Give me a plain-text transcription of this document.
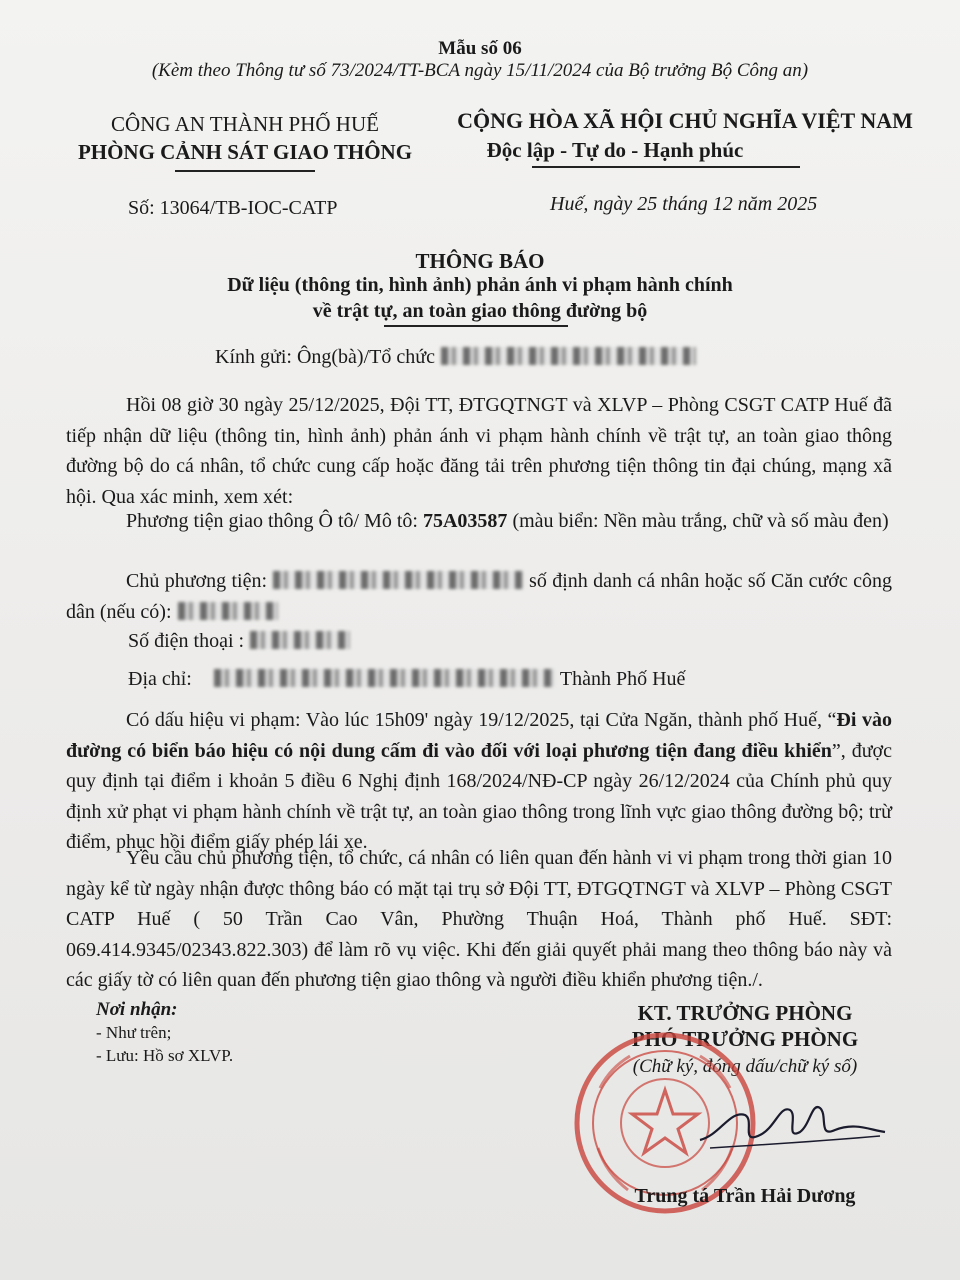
Mẫu số 06
(Kèm theo Thông tư số 73/2024/TT-BCA ngày 15/11/2024 của Bộ trưởng Bộ Công an)
CÔNG AN THÀNH PHỐ HUẾ
PHÒNG CẢNH SÁT GIAO THÔNG
Số: 13064/TB-IOC-CATP
CỘNG HÒA XÃ HỘI CHỦ NGHĨA VIỆT NAM
Độc lập - Tự do - Hạnh phúc
Huế, ngày 25 tháng 12 năm 2025
THÔNG BÁO
Dữ liệu (thông tin, hình ảnh) phản ánh vi phạm hành chính
về trật tự, an toàn giao thông đường bộ
Kính gửi: Ông(bà)/Tổ chức
Hồi 08 giờ 30 ngày 25/12/2025, Đội TT, ĐTGQTNGT và XLVP – Phòng CSGT CATP Huế đã tiếp nhận dữ liệu (thông tin, hình ảnh) phản ánh vi phạm hành chính về trật tự, an toàn giao thông đường bộ do cá nhân, tổ chức cung cấp hoặc đăng tải trên phương tiện thông tin đại chúng, mạng xã hội. Qua xác minh, xem xét:
Phương tiện giao thông Ô tô/ Mô tô: 75A03587 (màu biển: Nền màu trắng, chữ và số màu đen)
Chủ phương tiện:	số định danh cá nhân hoặc số Căn cước công dân (nếu có):
Số điện thoại :
Địa chỉ:	Thành Phố Huế
Có dấu hiệu vi phạm: Vào lúc 15h09' ngày 19/12/2025, tại Cửa Ngăn, thành phố Huế, “Đi vào đường có biển báo hiệu có nội dung cấm đi vào đối với loại phương tiện đang điều khiển”, được quy định tại điểm i khoản 5 điều 6 Nghị định 168/2024/NĐ-CP ngày 26/12/2024 của Chính phủ quy định xử phạt vi phạm hành chính về trật tự, an toàn giao thông trong lĩnh vực giao thông đường bộ; trừ điểm, phục hồi điểm giấy phép lái xe.
Yêu cầu chủ phương tiện, tổ chức, cá nhân có liên quan đến hành vi vi phạm trong thời gian 10 ngày kể từ ngày nhận được thông báo có mặt tại trụ sở Đội TT, ĐTGQTNGT và XLVP – Phòng CSGT CATP Huế ( 50 Trần Cao Vân, Phường Thuận Hoá, Thành phố Huế. SĐT: 069.414.9345/02343.822.303) để làm rõ vụ việc. Khi đến giải quyết phải mang theo thông báo này và các giấy tờ có liên quan đến phương tiện giao thông và người điều khiển phương tiện./.
Nơi nhận:
- Như trên;
- Lưu: Hồ sơ XLVP.
KT. TRƯỞNG PHÒNG
PHÓ TRƯỞNG PHÒNG
(Chữ ký, đóng dấu/chữ ký số)
Trung tá Trần Hải Dương
